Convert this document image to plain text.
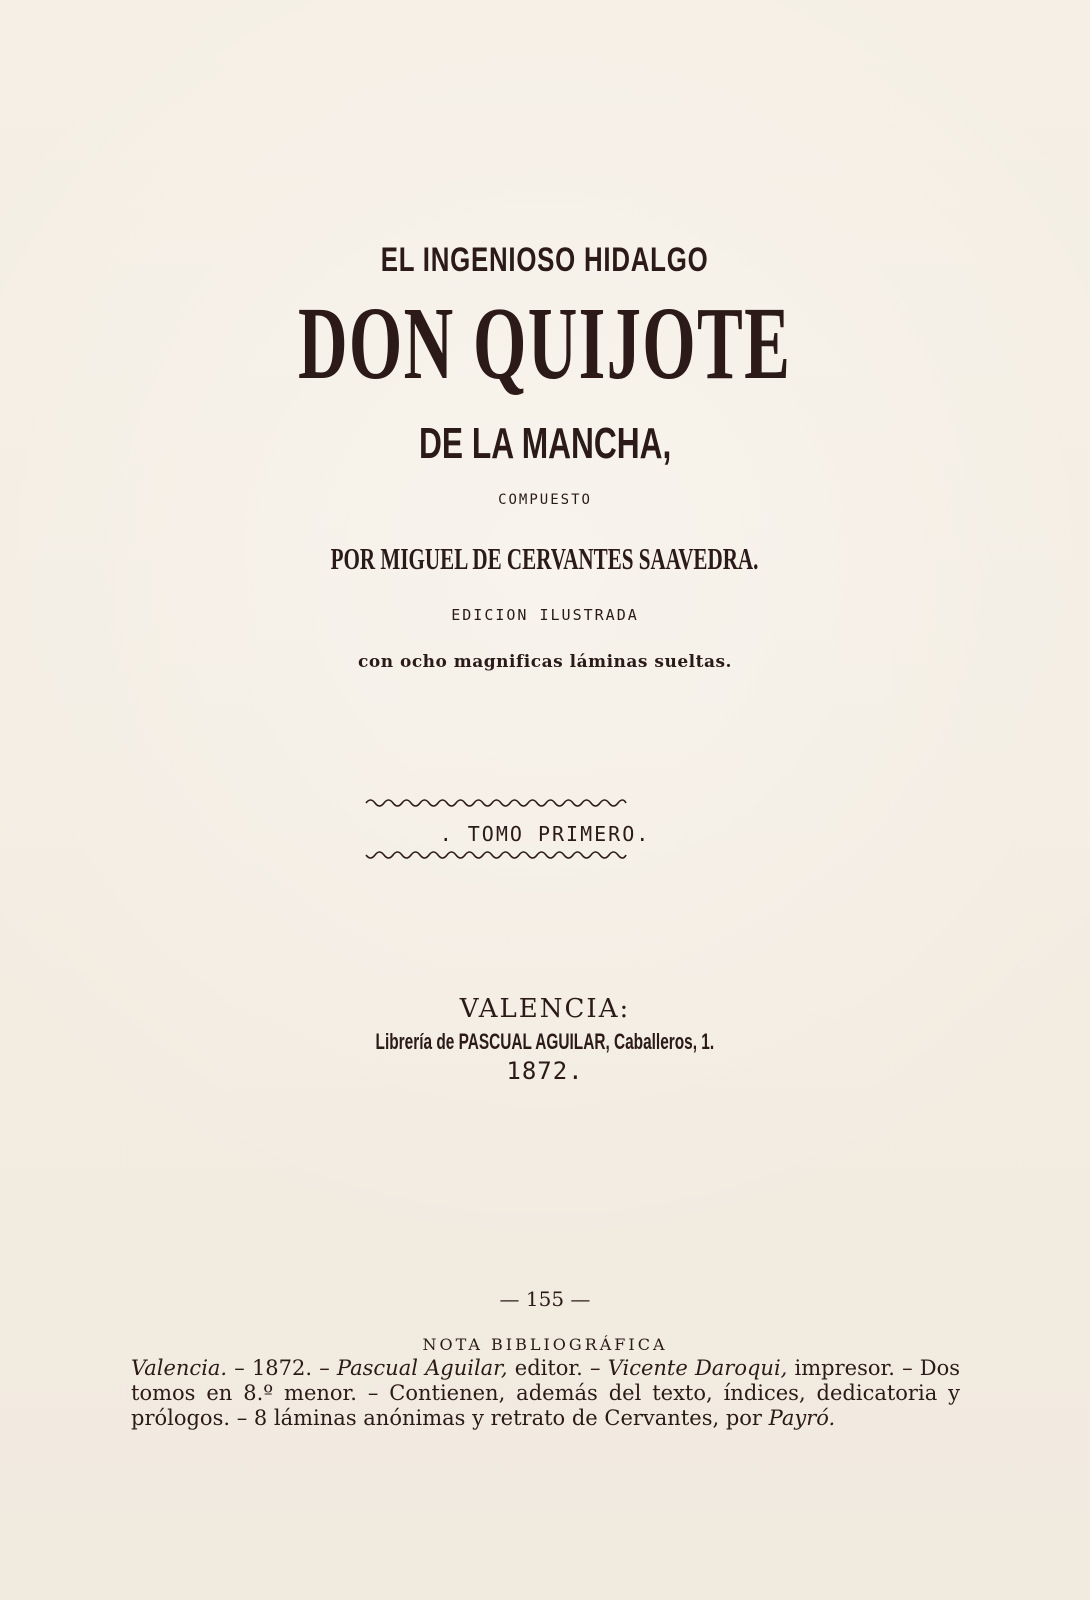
EL INGENIOSO HIDALGO
DON QUIJOTE
DE LA MANCHA,
COMPUESTO
POR MIGUEL DE CERVANTES SAAVEDRA.
EDICION ILUSTRADA
con ocho magnificas láminas sueltas.
. TOMO PRIMERO.
VALENCIA:
Librería de PASCUAL AGUILAR, Caballeros, 1.
1872.
— 155 —
NOTA BIBLIOGRÁFICA
Valencia. – 1872. – Pascual Aguilar, editor. – Vicente Daroqui, impresor. – Dos tomos en 8.º menor. – Contienen, además del texto, índices, dedicatoria y prólogos. – 8 láminas anónimas y retrato de Cervantes, por Payró.
